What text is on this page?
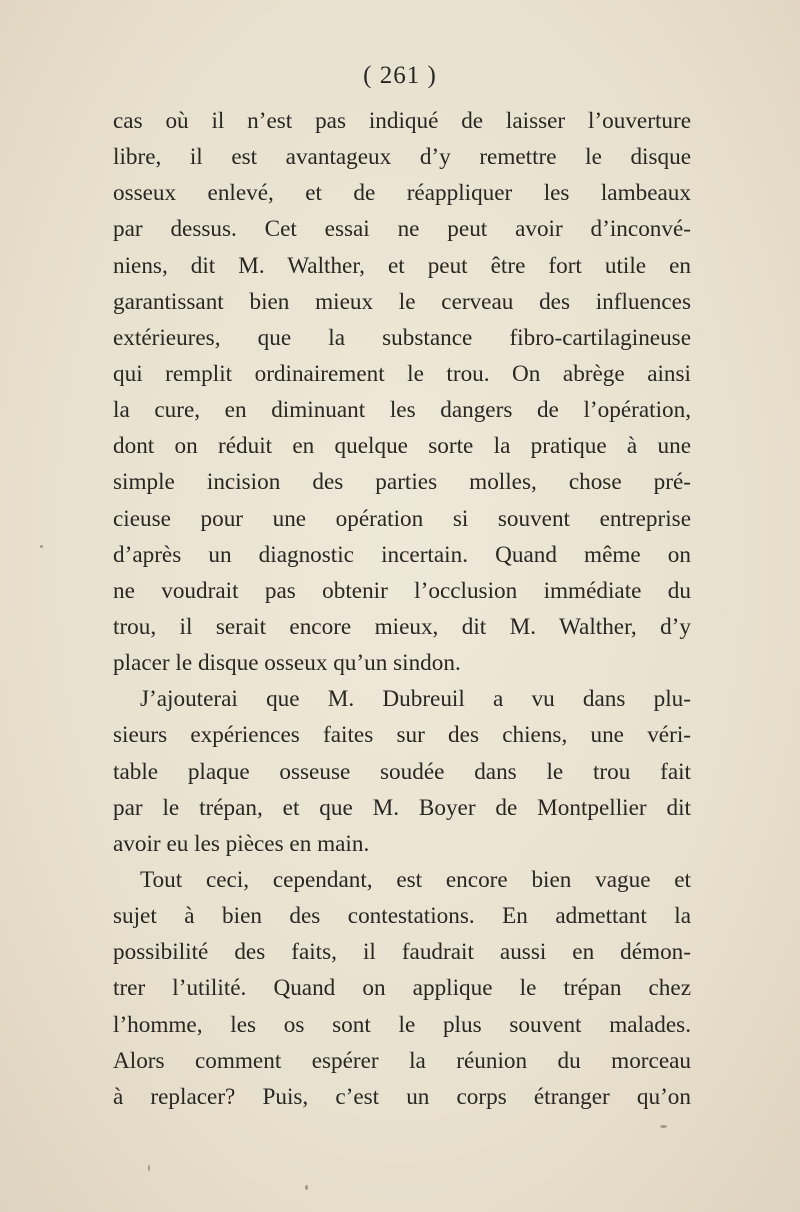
( 261 )
cas où il n’est pas indiqué de laisser l’ouverture
libre, il est avantageux d’y remettre le disque
osseux enlevé, et de réappliquer les lambeaux
par dessus. Cet essai ne peut avoir d’inconvé-
niens, dit M. Walther, et peut être fort utile en
garantissant bien mieux le cerveau des influences
extérieures, que la substance fibro-cartilagineuse
qui remplit ordinairement le trou. On abrège ainsi
la cure, en diminuant les dangers de l’opération,
dont on réduit en quelque sorte la pratique à une
simple incision des parties molles, chose pré-
cieuse pour une opération si souvent entreprise
d’après un diagnostic incertain. Quand même on
ne voudrait pas obtenir l’occlusion immédiate du
trou, il serait encore mieux, dit M. Walther, d’y
placer le disque osseux qu’un sindon.
J’ajouterai que M. Dubreuil a vu dans plu-
sieurs expériences faites sur des chiens, une véri-
table plaque osseuse soudée dans le trou fait
par le trépan, et que M. Boyer de Montpellier dit
avoir eu les pièces en main.
Tout ceci, cependant, est encore bien vague et
sujet à bien des contestations. En admettant la
possibilité des faits, il faudrait aussi en démon-
trer l’utilité. Quand on applique le trépan chez
l’homme, les os sont le plus souvent malades.
Alors comment espérer la réunion du morceau
à replacer? Puis, c’est un corps étranger qu’on
